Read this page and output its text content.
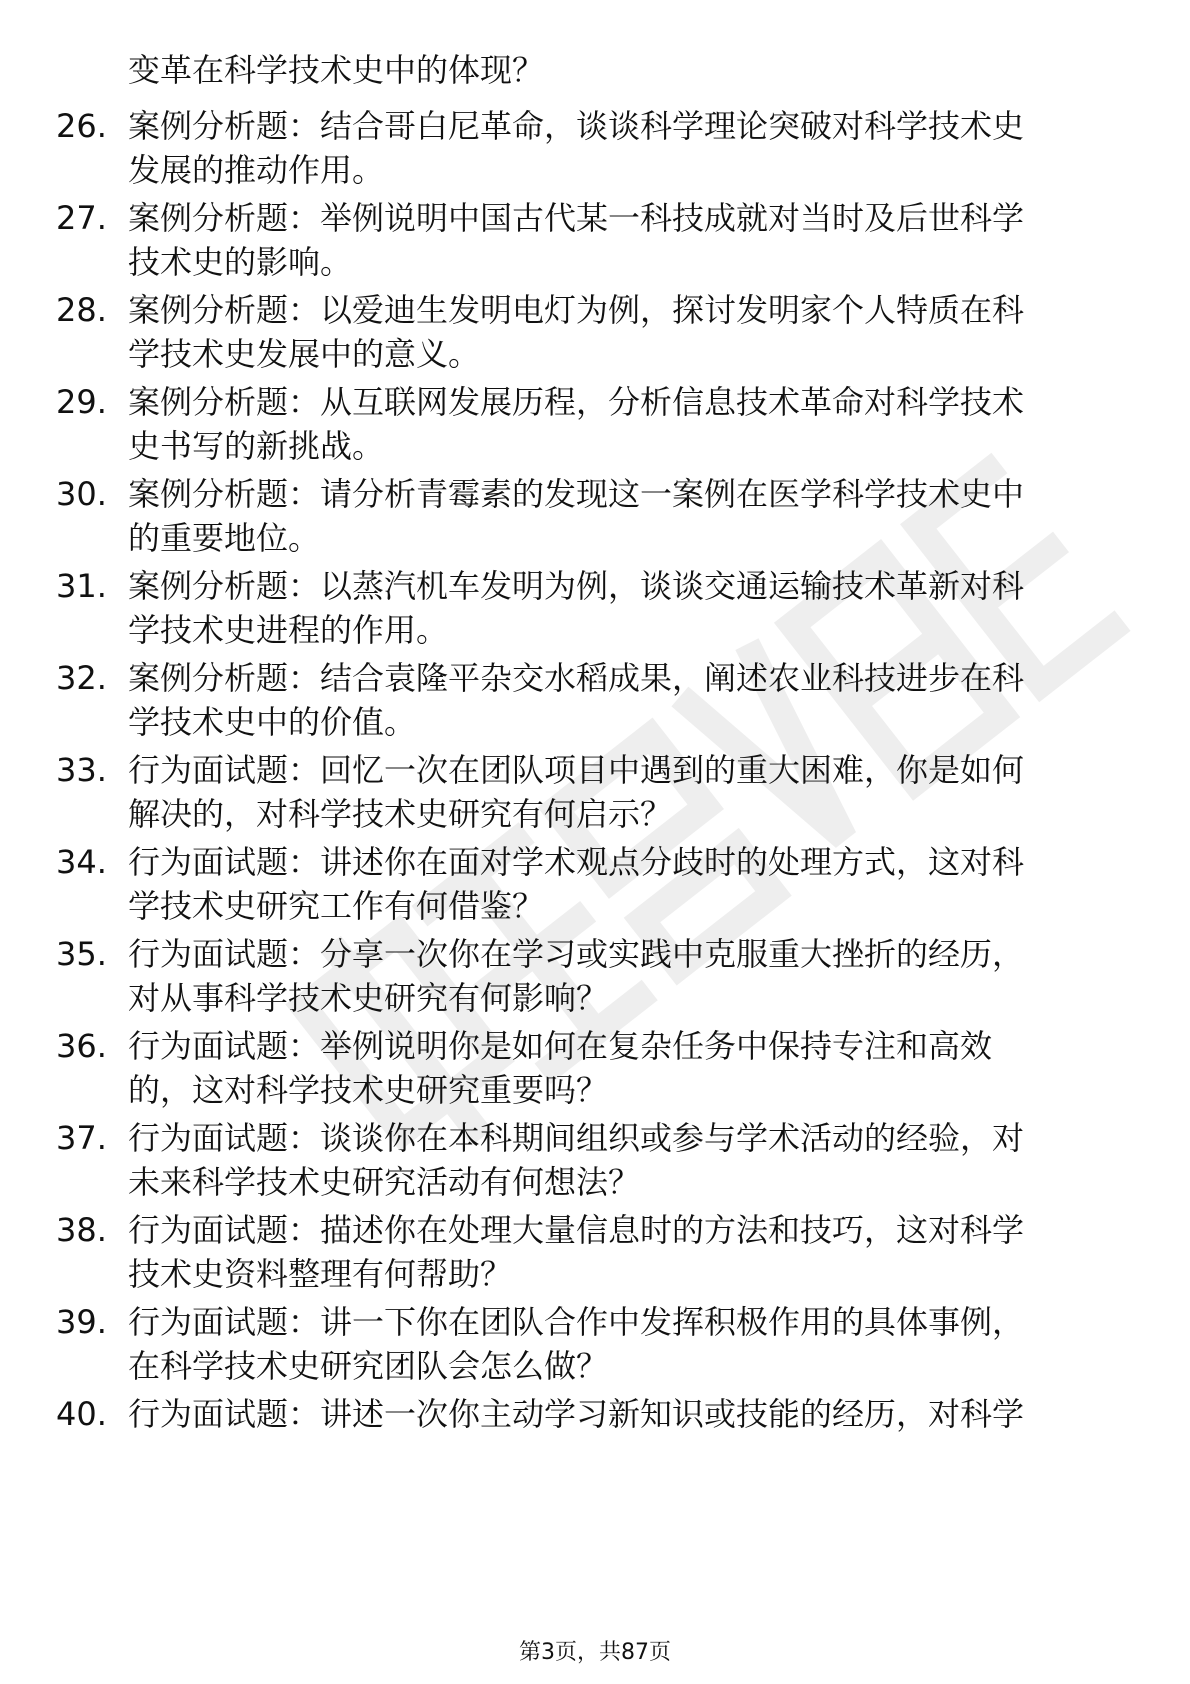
变革在科学技术史中的体现？
26. 案例分析题：结合哥白尼革命，谈谈科学理论突破对科学技术史
发展的推动作用。
27. 案例分析题：举例说明中国古代某一科技成就对当时及后世科学
技术史的影响。
28. 案例分析题：以爱迪生发明电灯为例，探讨发明家个人特质在科
学技术史发展中的意义。
29. 案例分析题：从互联网发展历程，分析信息技术革命对科学技术
史书写的新挑战。
30. 案例分析题：请分析青霉素的发现这一案例在医学科学技术史中
的重要地位。
31. 案例分析题：以蒸汽机车发明为例，谈谈交通运输技术革新对科
学技术史进程的作用。
32. 案例分析题：结合袁隆平杂交水稻成果，阐述农业科技进步在科
学技术史中的价值。
33. 行为面试题：回忆一次在团队项目中遇到的重大困难，你是如何
解决的，对科学技术史研究有何启示？
34. 行为面试题：讲述你在面对学术观点分歧时的处理方式，这对科
学技术史研究工作有何借鉴？
35. 行为面试题：分享一次你在学习或实践中克服重大挫折的经历，
对从事科学技术史研究有何影响？
36. 行为面试题：举例说明你是如何在复杂任务中保持专注和高效
的，这对科学技术史研究重要吗？
37. 行为面试题：谈谈你在本科期间组织或参与学术活动的经验，对
未来科学技术史研究活动有何想法？
38. 行为面试题：描述你在处理大量信息时的方法和技巧，这对科学
技术史资料整理有何帮助？
39. 行为面试题：讲一下你在团队合作中发挥积极作用的具体事例，
在科学技术史研究团队会怎么做？
40. 行为面试题：讲述一次你主动学习新知识或技能的经历，对科学
第3页，共87页
